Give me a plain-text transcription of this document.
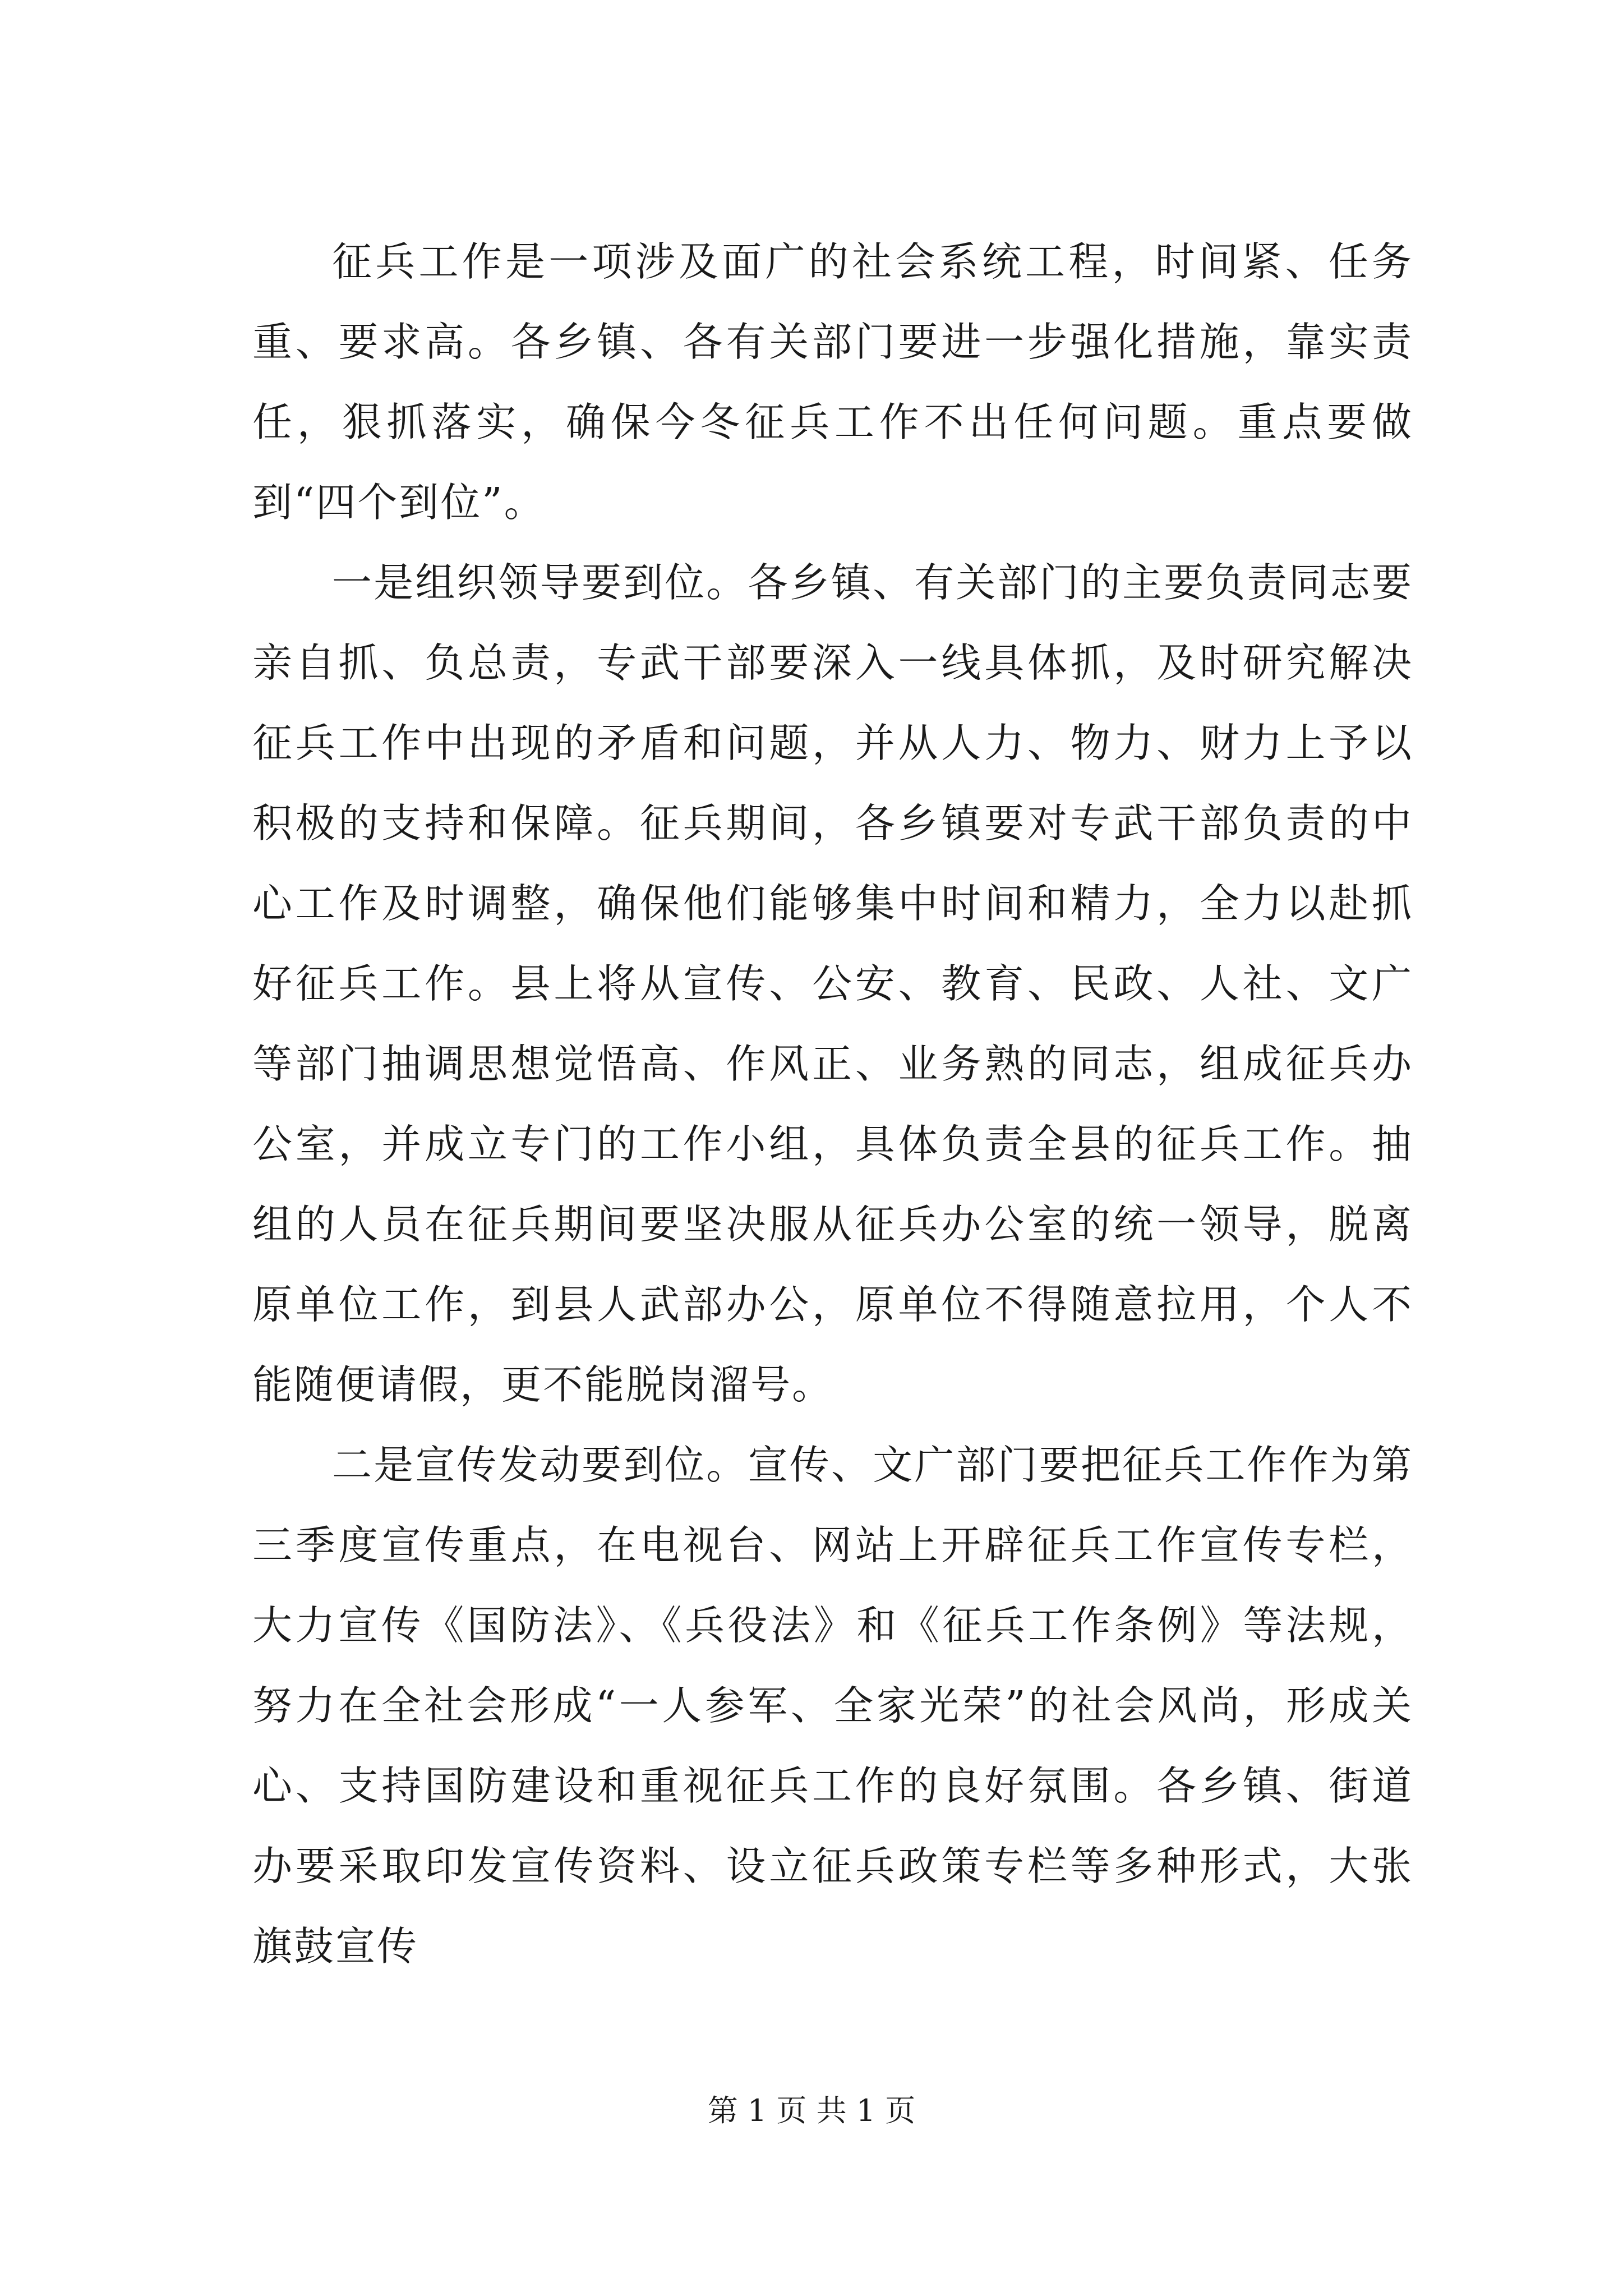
征兵工作是一项涉及面广的社会系统工程，时间紧、任务重、要求高。各乡镇、各有关部门要进一步强化措施，靠实责任，狠抓落实，确保今冬征兵工作不出任何问题。重点要做到“四个到位”。

一是组织领导要到位。各乡镇、有关部门的主要负责同志要亲自抓、负总责，专武干部要深入一线具体抓，及时研究解决征兵工作中出现的矛盾和问题，并从人力、物力、财力上予以积极的支持和保障。征兵期间，各乡镇要对专武干部负责的中心工作及时调整，确保他们能够集中时间和精力，全力以赴抓好征兵工作。县上将从宣传、公安、教育、民政、人社、文广等部门抽调思想觉悟高、作风正、业务熟的同志，组成征兵办公室，并成立专门的工作小组，具体负责全县的征兵工作。抽组的人员在征兵期间要坚决服从征兵办公室的统一领导，脱离原单位工作，到县人武部办公，原单位不得随意拉用，个人不能随便请假，更不能脱岗溜号。

二是宣传发动要到位。宣传、文广部门要把征兵工作作为第三季度宣传重点，在电视台、网站上开辟征兵工作宣传专栏，大力宣传《国防法》、《兵役法》和《征兵工作条例》等法规，努力在全社会形成“一人参军、全家光荣”的社会风尚，形成关心、支持国防建设和重视征兵工作的良好氛围。各乡镇、街道办要采取印发宣传资料、设立征兵政策专栏等多种形式，大张旗鼓宣传

第 1 页 共 1 页
